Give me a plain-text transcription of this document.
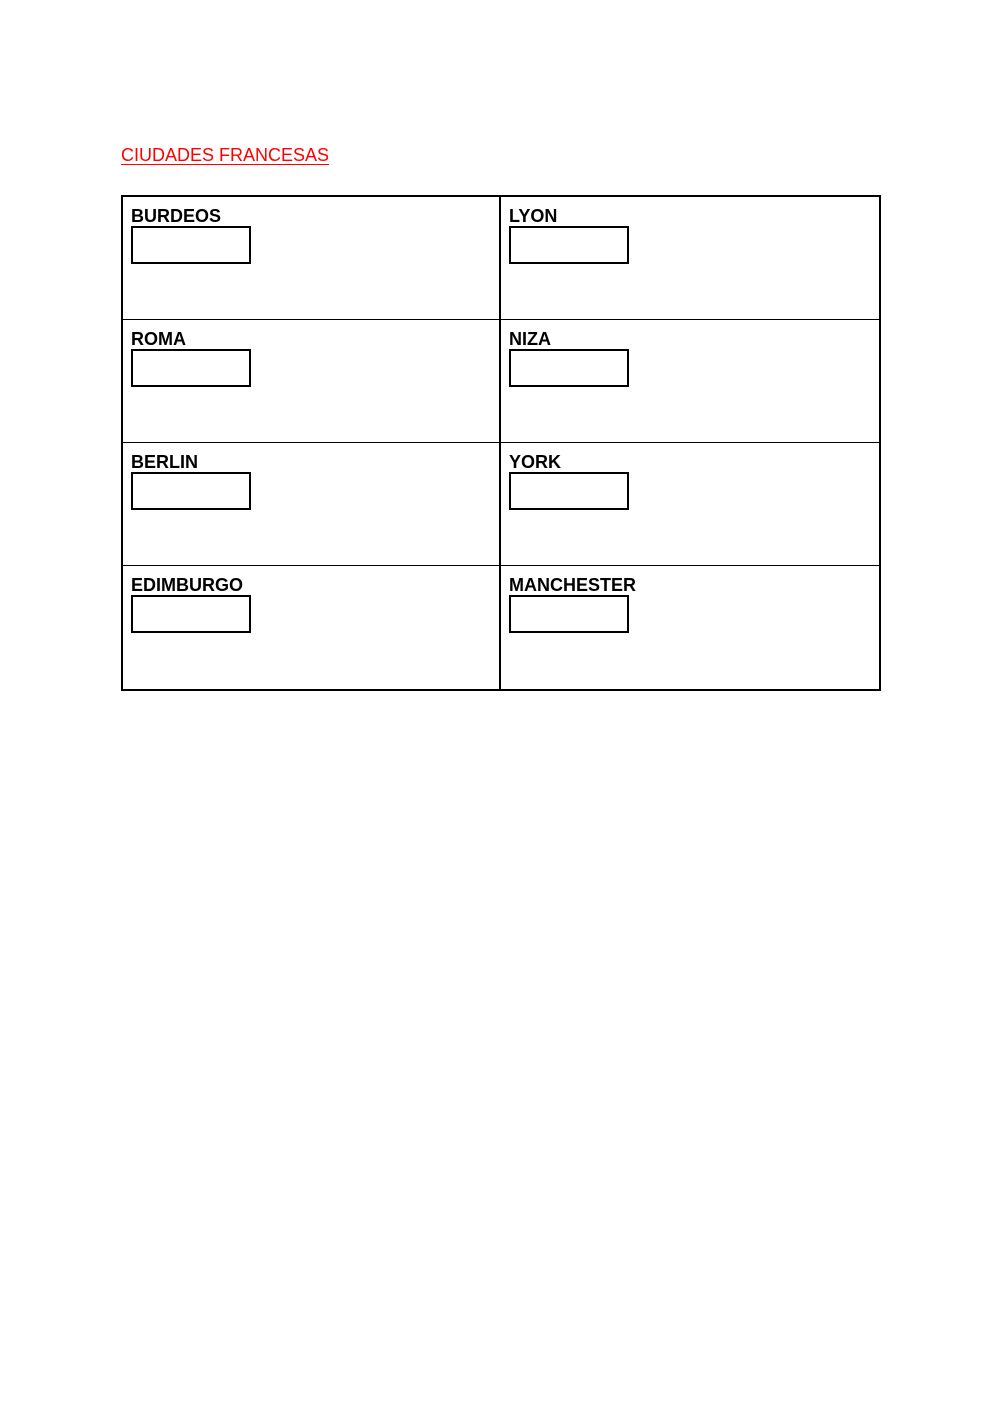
CIUDADES FRANCESAS
BURDEOS	LYON
ROMA	NIZA
BERLIN	YORK
EDIMBURGO	MANCHESTER
